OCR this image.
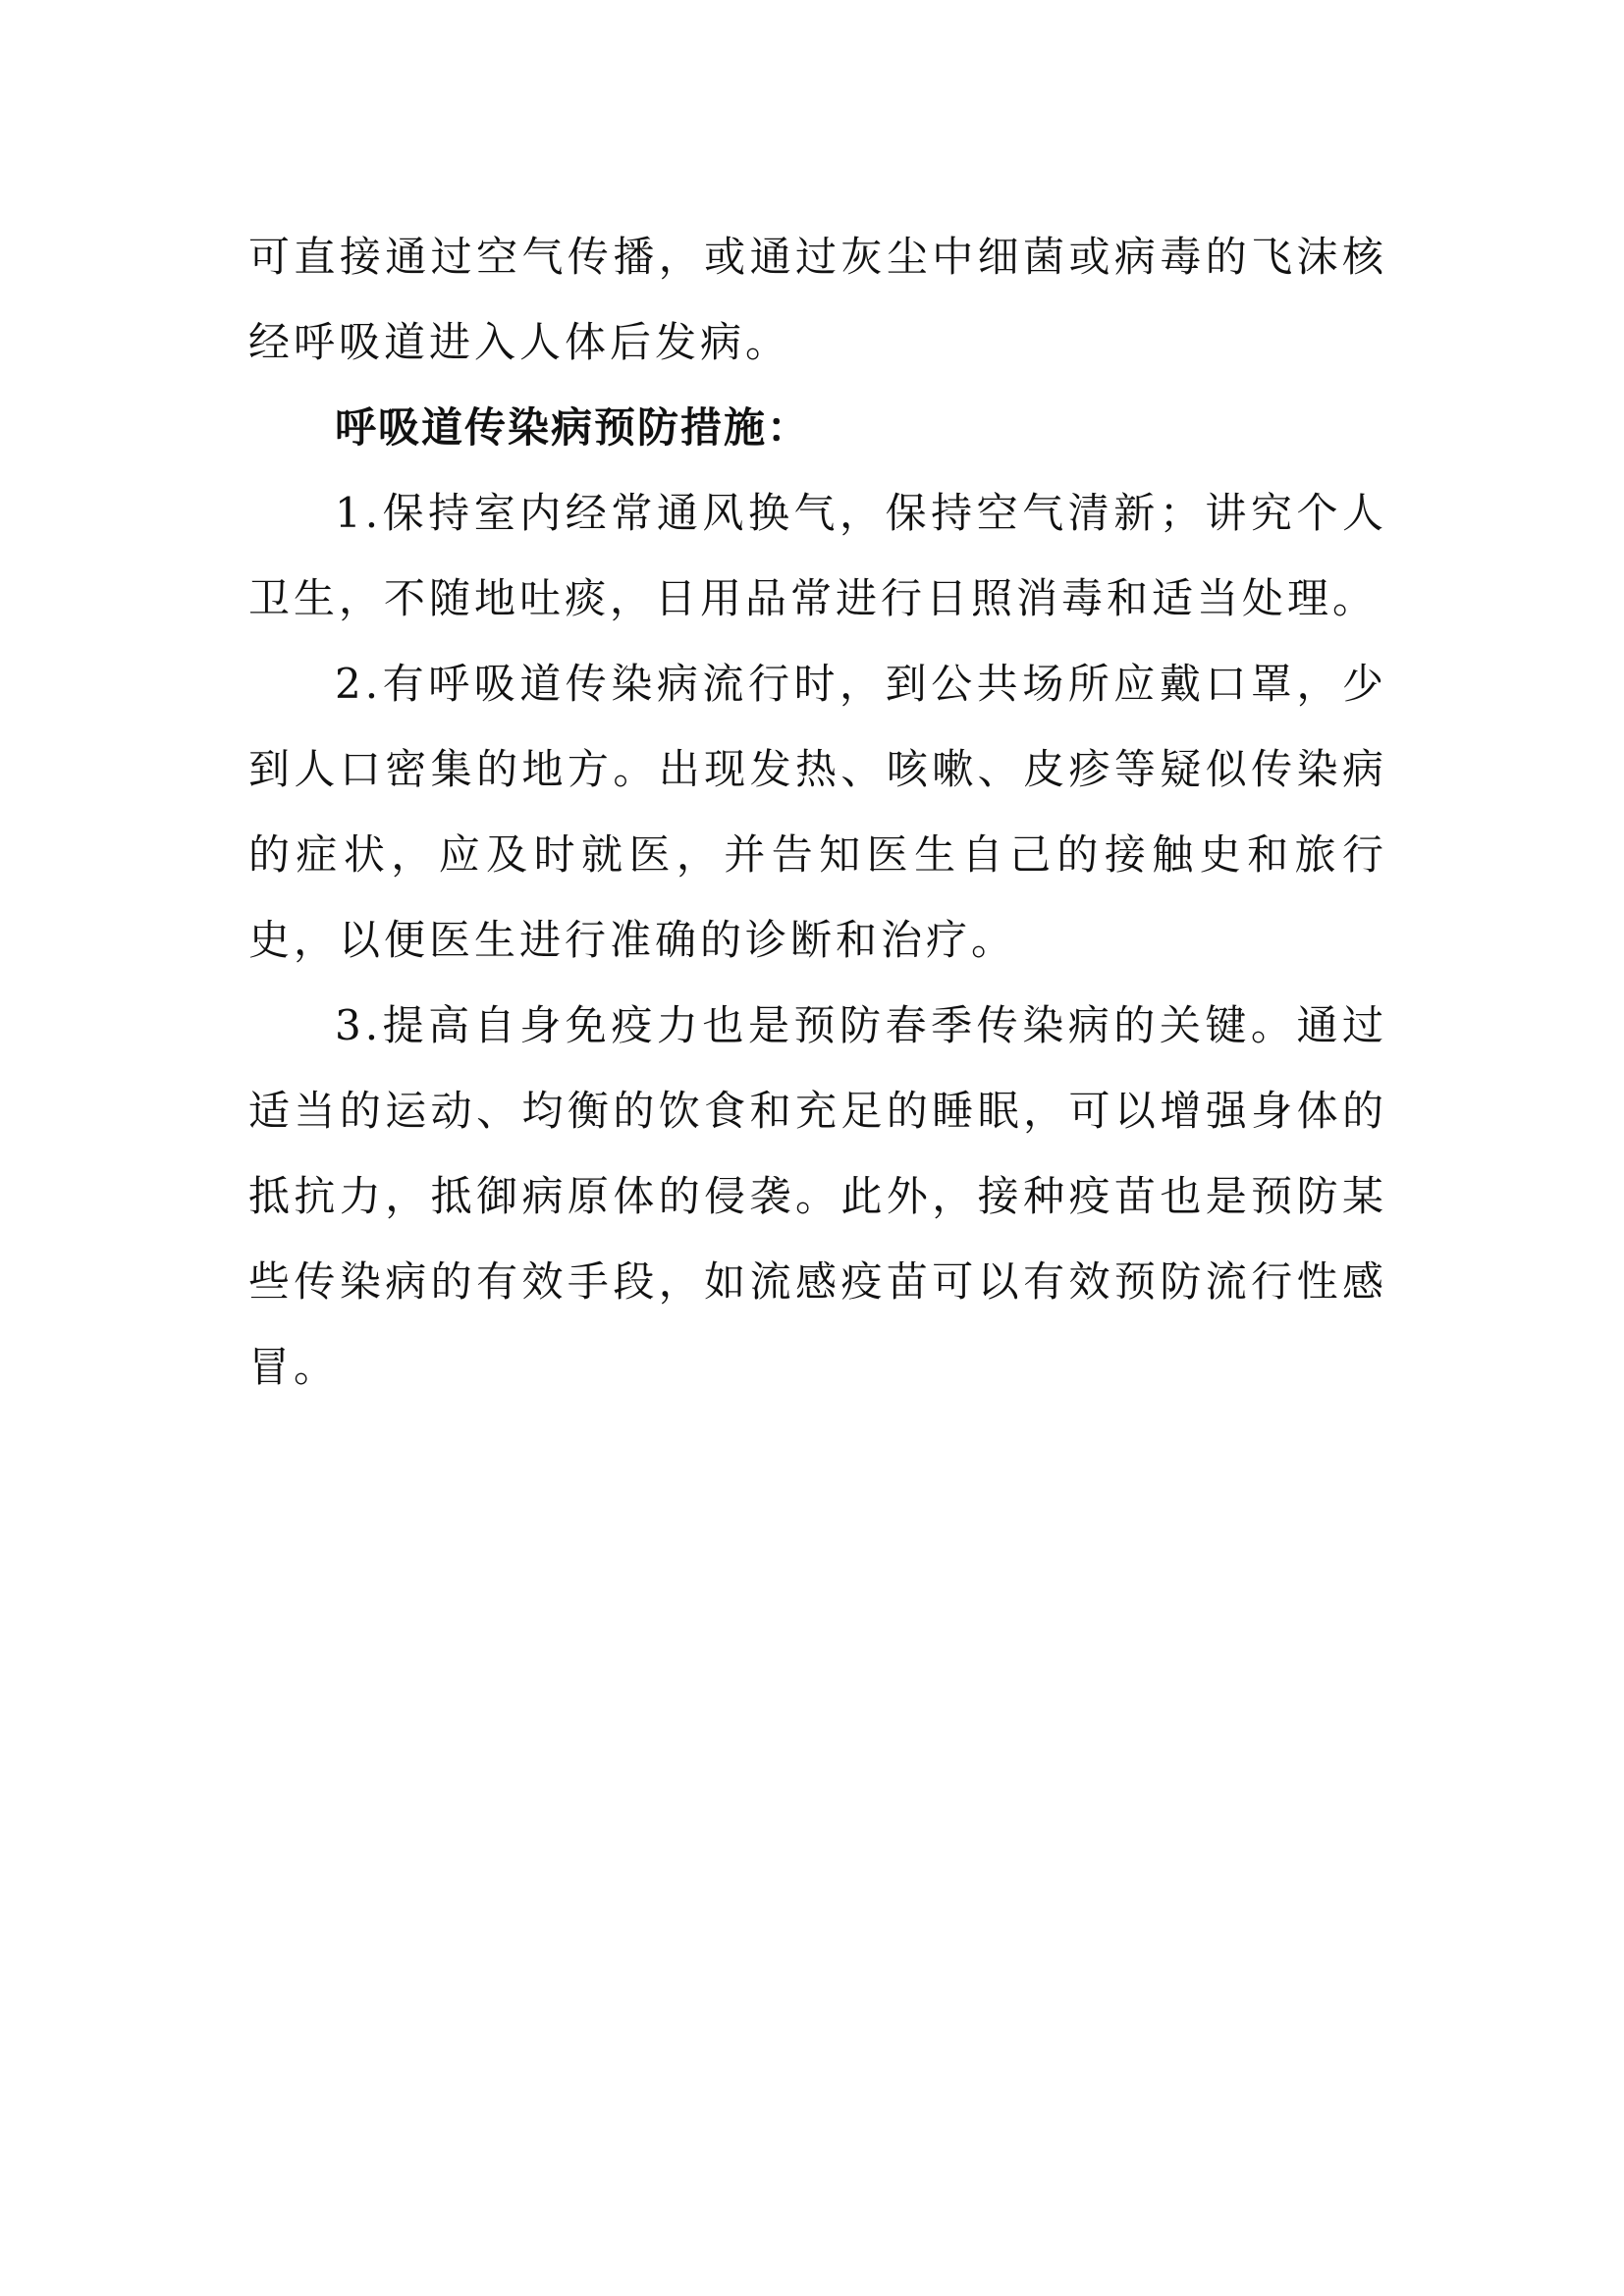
可直接通过空气传播，或通过灰尘中细菌或病毒的飞沫核经呼吸道进入人体后发病。

呼吸道传染病预防措施：

1.保持室内经常通风换气，保持空气清新；讲究个人卫生，不随地吐痰，日用品常进行日照消毒和适当处理。

2.有呼吸道传染病流行时，到公共场所应戴口罩，少到人口密集的地方。出现发热、咳嗽、皮疹等疑似传染病的症状，应及时就医，并告知医生自己的接触史和旅行史，以便医生进行准确的诊断和治疗。

3.提高自身免疫力也是预防春季传染病的关键。通过适当的运动、均衡的饮食和充足的睡眠，可以增强身体的抵抗力，抵御病原体的侵袭。此外，接种疫苗也是预防某些传染病的有效手段，如流感疫苗可以有效预防流行性感冒。
